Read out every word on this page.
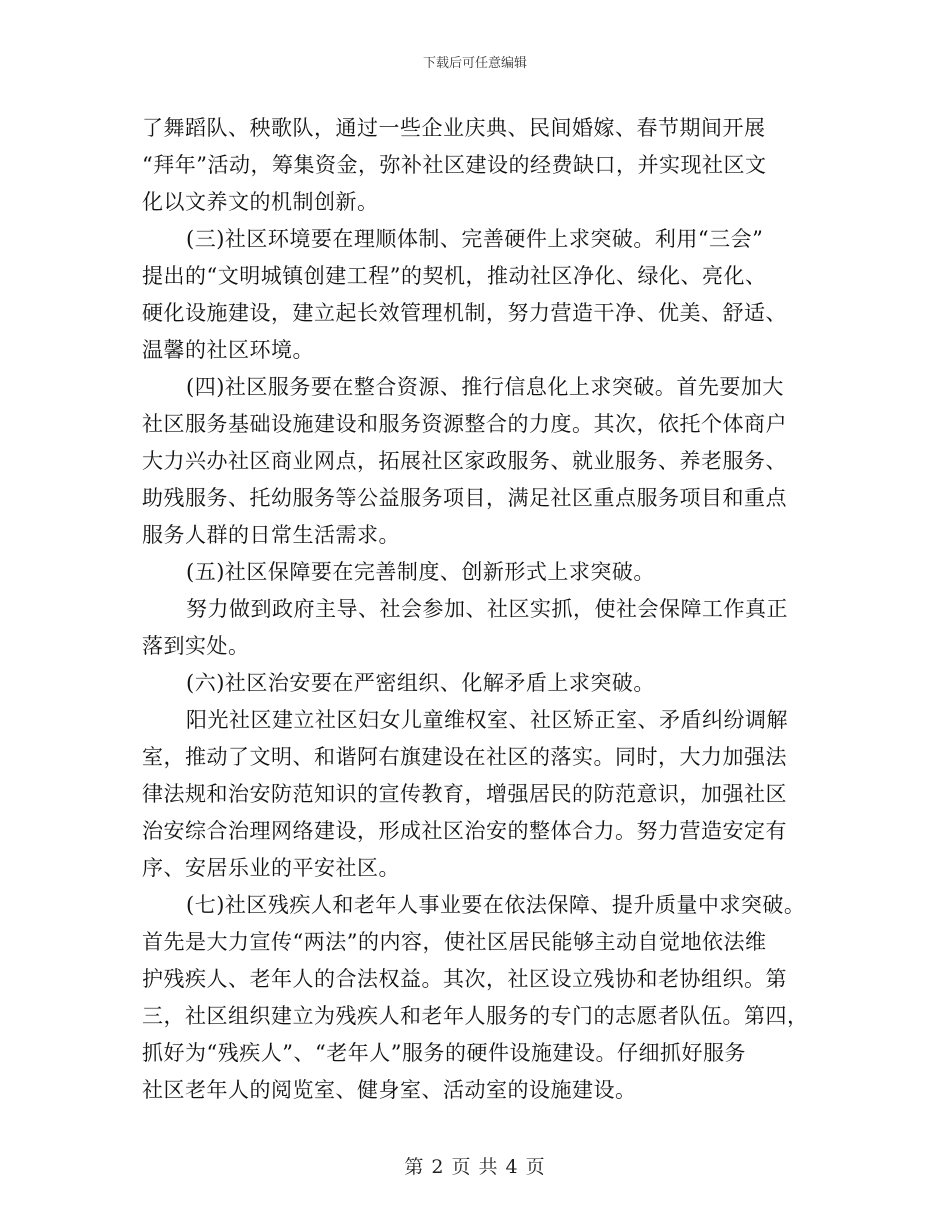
下载后可任意编辑
了舞蹈队、秧歌队，通过一些企业庆典、民间婚嫁、春节期间开展
“拜年”活动，筹集资金，弥补社区建设的经费缺口，并实现社区文
化以文养文的机制创新。
(三)社区环境要在理顺体制、完善硬件上求突破。利用“三会”
提出的“文明城镇创建工程”的契机，推动社区净化、绿化、亮化、
硬化设施建设，建立起长效管理机制，努力营造干净、优美、舒适、
温馨的社区环境。
(四)社区服务要在整合资源、推行信息化上求突破。首先要加大
社区服务基础设施建设和服务资源整合的力度。其次，依托个体商户
大力兴办社区商业网点，拓展社区家政服务、就业服务、养老服务、
助残服务、托幼服务等公益服务项目，满足社区重点服务项目和重点
服务人群的日常生活需求。
(五)社区保障要在完善制度、创新形式上求突破。
努力做到政府主导、社会参加、社区实抓，使社会保障工作真正
落到实处。
(六)社区治安要在严密组织、化解矛盾上求突破。
阳光社区建立社区妇女儿童维权室、社区矫正室、矛盾纠纷调解
室，推动了文明、和谐阿右旗建设在社区的落实。同时，大力加强法
律法规和治安防范知识的宣传教育，增强居民的防范意识，加强社区
治安综合治理网络建设，形成社区治安的整体合力。努力营造安定有
序、安居乐业的平安社区。
(七)社区残疾人和老年人事业要在依法保障、提升质量中求突破。
首先是大力宣传“两法”的内容，使社区居民能够主动自觉地依法维
护残疾人、老年人的合法权益。其次，社区设立残协和老协组织。第
三，社区组织建立为残疾人和老年人服务的专门的志愿者队伍。第四，
抓好为“残疾人”、“老年人”服务的硬件设施建设。仔细抓好服务
社区老年人的阅览室、健身室、活动室的设施建设。
第 2 页 共 4 页
